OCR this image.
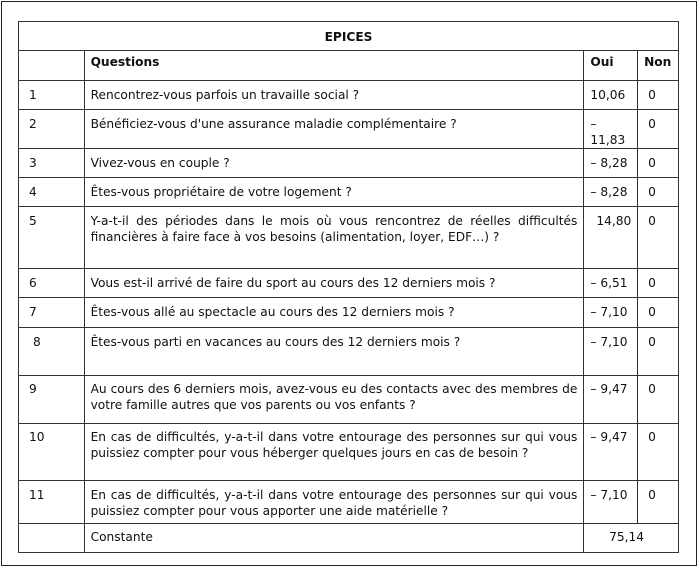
EPICES			
	Questions	Oui	Non
1	Rencontrez-vous parfois un travaille social ?	10,06	0
2	Bénéficiez-vous d'une assurance maladie complémentaire ?	– 11,83	0
3	Vivez-vous en couple ?	– 8,28	0
4	Êtes-vous propriétaire de votre logement ?	– 8,28	0
5	Y-a-t-il des périodes dans le mois où vous rencontrez de réelles difficultés financières à faire face à vos besoins (alimentation, loyer, EDF…) ?	14,80	0
6	Vous est-il arrivé de faire du sport au cours des 12 derniers mois ?	– 6,51	0
7	Êtes-vous allé au spectacle au cours des 12 derniers mois ?	– 7,10	0
8	Êtes-vous parti en vacances au cours des 12 derniers mois ?	– 7,10	0
9	Au cours des 6 derniers mois, avez-vous eu des contacts avec des membres de votre famille autres que vos parents ou vos enfants ?	– 9,47	0
10	En cas de difficultés, y-a-t-il dans votre entourage des personnes sur qui vous puissiez compter pour vous héberger quelques jours en cas de besoin ?	– 9,47	0
11	En cas de difficultés, y-a-t-il dans votre entourage des personnes sur qui vous puissiez compter pour vous apporter une aide matérielle ?	– 7,10	0
	Constante	75,14	
